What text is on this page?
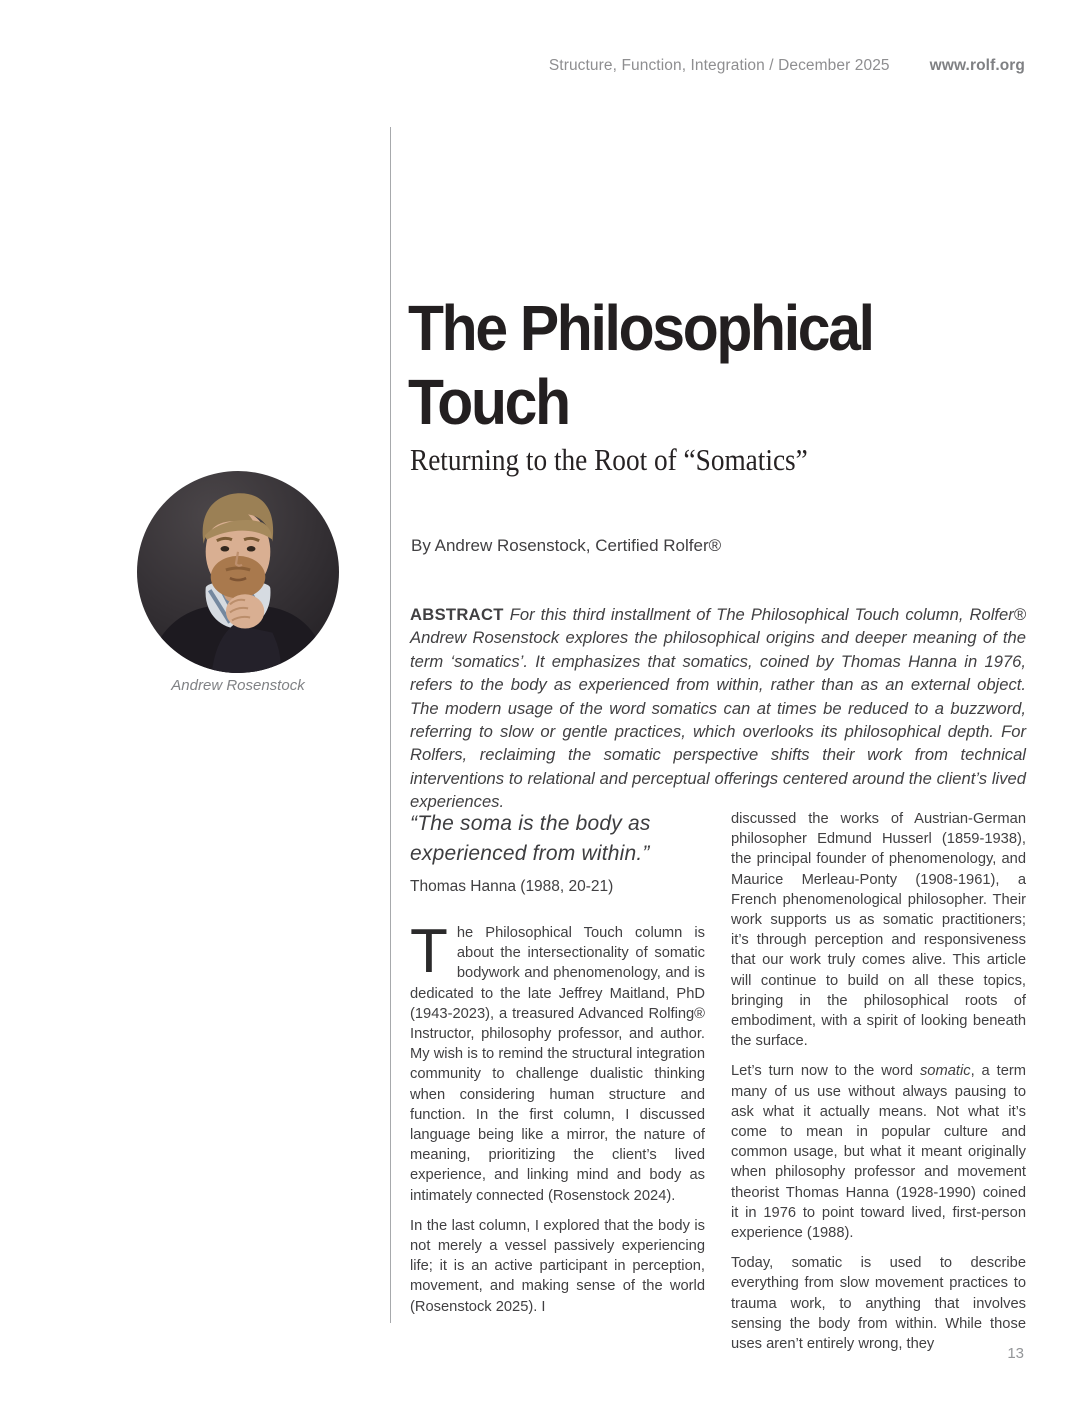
Structure, Function, Integration / December 2025	www.rolf.org
Andrew Rosenstock
The Philosophical
Touch
Returning to the Root of “Somatics”
By Andrew Rosenstock, Certified Rolfer®
ABSTRACT For this third installment of The Philosophical Touch column, Rolfer® Andrew Rosenstock explores the philosophical origins and deeper meaning of the term ‘somatics’. It emphasizes that somatics, coined by Thomas Hanna in 1976, refers to the body as experienced from within, rather than as an external object. The modern usage of the word somatics can at times be reduced to a buzzword, referring to slow or gentle practices, which overlooks its philosophical depth. For Rolfers, reclaiming the somatic perspective shifts their work from technical interventions to relational and perceptual offerings centered around the client’s lived experiences.
“The soma is the body as experienced from within.”
Thomas Hanna (1988, 20-21)

The Philosophical Touch column is about the intersectionality of somatic bodywork and phenomenology, and is dedicated to the late Jeffrey Maitland, PhD (1943-2023), a treasured Advanced Rolfing® Instructor, philosophy professor, and author. My wish is to remind the structural integration community to challenge dualistic thinking when considering human structure and function. In the first column, I discussed language being like a mirror, the nature of meaning, prioritizing the client’s lived experience, and linking mind and body as intimately connected (Rosenstock 2024).

In the last column, I explored that the body is not merely a vessel passively experiencing life; it is an active participant in perception, movement, and making sense of the world (Rosenstock 2025). I

discussed the works of Austrian-German philosopher Edmund Husserl (1859-1938), the principal founder of phenomenology, and Maurice Merleau-Ponty (1908-1961), a French phenomenological philosopher. Their work supports us as somatic practitioners; it’s through perception and responsiveness that our work truly comes alive. This article will continue to build on all these topics, bringing in the philosophical roots of embodiment, with a spirit of looking beneath the surface.

Let’s turn now to the word somatic, a term many of us use without always pausing to ask what it actually means. Not what it’s come to mean in popular culture and common usage, but what it meant originally when philosophy professor and movement theorist Thomas Hanna (1928-1990) coined it in 1976 to point toward lived, first-person experience (1988).

Today, somatic is used to describe everything from slow movement practices to trauma work, to anything that involves sensing the body from within. While those uses aren’t entirely wrong, they

13
